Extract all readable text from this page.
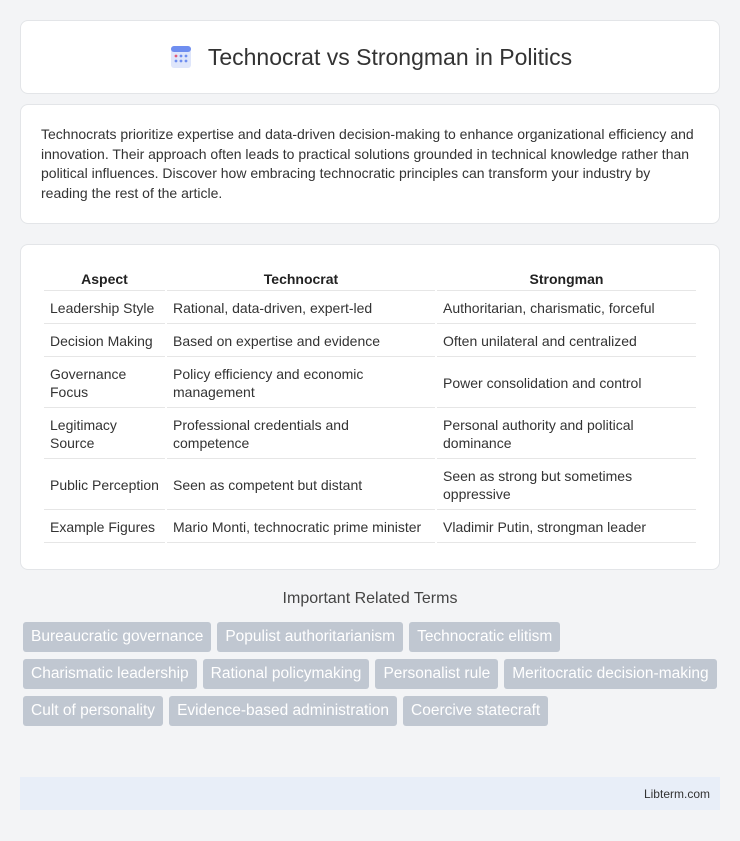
Technocrat vs Strongman in Politics

Technocrats prioritize expertise and data-driven decision-making to enhance organizational efficiency and innovation. Their approach often leads to practical solutions grounded in technical knowledge rather than political influences. Discover how embracing technocratic principles can transform your industry by reading the rest of the article.

Aspect	Technocrat	Strongman
Leadership Style	Rational, data-driven, expert-led	Authoritarian, charismatic, forceful
Decision Making	Based on expertise and evidence	Often unilateral and centralized
Governance Focus	Policy efficiency and economic management	Power consolidation and control
Legitimacy Source	Professional credentials and competence	Personal authority and political dominance
Public Perception	Seen as competent but distant	Seen as strong but sometimes oppressive
Example Figures	Mario Monti, technocratic prime minister	Vladimir Putin, strongman leader
Important Related Terms
Bureaucratic governance	Populist authoritarianism	Technocratic elitism
Charismatic leadership	Rational policymaking	Personalist rule	Meritocratic decision-making
Cult of personality	Evidence-based administration	Coercive statecraft
Libterm.com
